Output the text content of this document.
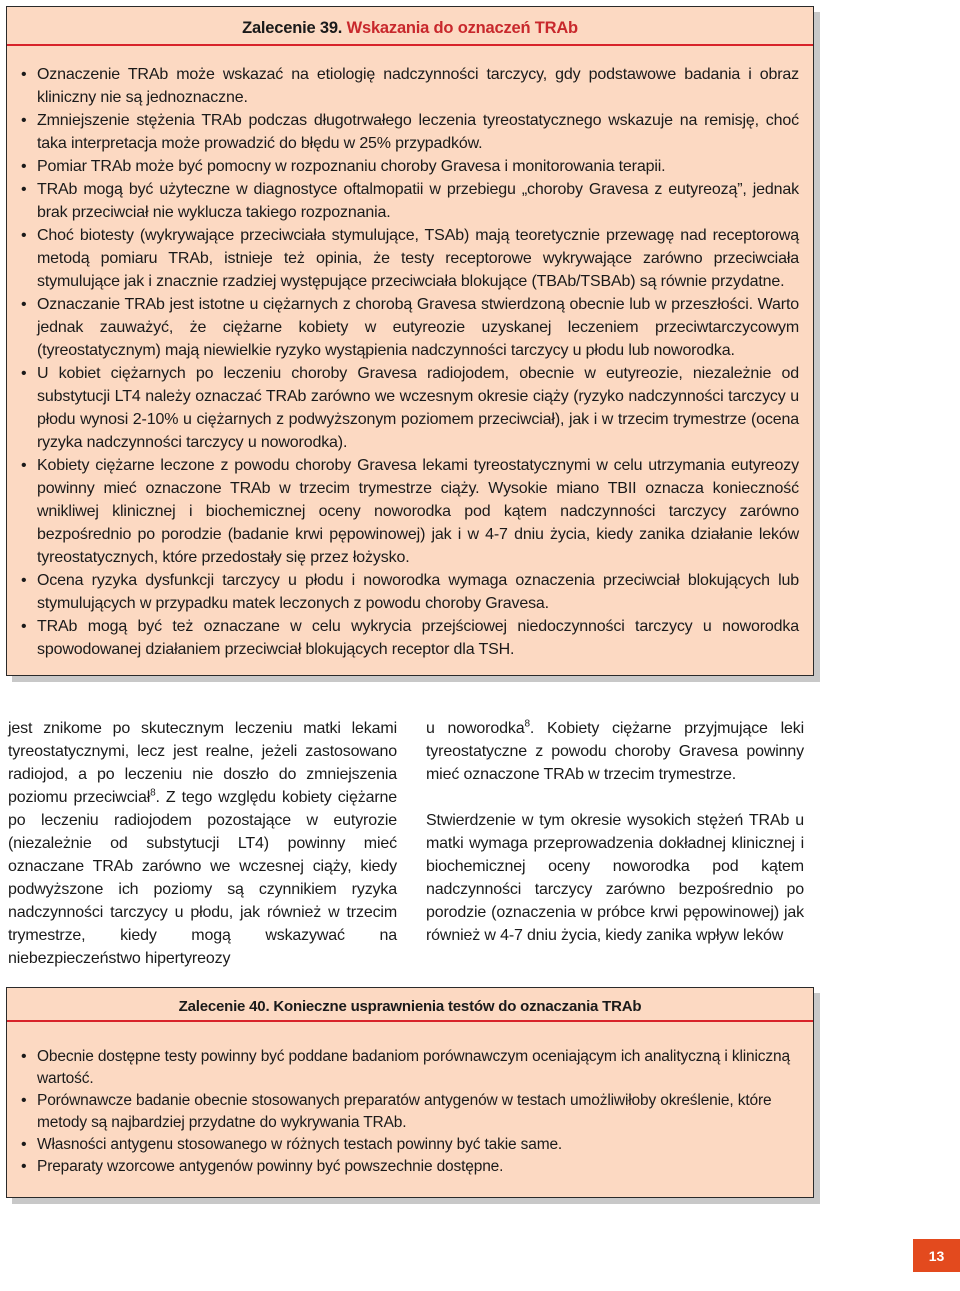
Zalecenie 39. Wskazania do oznaczeń TRAb
• Oznaczenie TRAb może wskazać na etiologię nadczynności tarczycy, gdy podstawowe badania i obraz kliniczny nie są jednoznaczne.
• Zmniejszenie stężenia TRAb podczas długotrwałego leczenia tyreostatycznego wskazuje na remisję, choć taka interpretacja może prowadzić do błędu w 25% przypadków.
• Pomiar TRAb może być pomocny w rozpoznaniu choroby Gravesa i monitorowania terapii.
• TRAb mogą być użyteczne w diagnostyce oftalmopatii w przebiegu „choroby Gravesa z eutyreozą”, jednak brak przeciwciał nie wyklucza takiego rozpoznania.
• Choć biotesty (wykrywające przeciwciała stymulujące, TSAb) mają teoretycznie przewagę nad receptorową metodą pomiaru TRAb, istnieje też opinia, że testy receptorowe wykrywające zarówno przeciwciała stymulujące jak i znacznie rzadziej występujące przeciwciała blokujące (TBAb/TSBAb) są równie przydatne.
• Oznaczanie TRAb jest istotne u ciężarnych z chorobą Gravesa stwierdzoną obecnie lub w przeszłości. Warto jednak zauważyć, że ciężarne kobiety w eutyreozie uzyskanej leczeniem przeciwtarczycowym (tyreostatycznym) mają niewielkie ryzyko wystąpienia nadczynności tarczycy u płodu lub noworodka.
• U kobiet ciężarnych po leczeniu choroby Gravesa radiojodem, obecnie w eutyreozie, niezależnie od substytucji LT4 należy oznaczać TRAb zarówno we wczesnym okresie ciąży (ryzyko nadczynności tarczycy u płodu wynosi 2-10% u ciężarnych z podwyższonym poziomem przeciwciał), jak i w trzecim trymestrze (ocena ryzyka nadczynności tarczycy u noworodka).
• Kobiety ciężarne leczone z powodu choroby Gravesa lekami tyreostatycznymi w celu utrzymania eutyreozy powinny mieć oznaczone TRAb w trzecim trymestrze ciąży. Wysokie miano TBII oznacza konieczność wnikliwej klinicznej i biochemicznej oceny noworodka pod kątem nadczynności tarczycy zarówno bezpośrednio po porodzie (badanie krwi pępowinowej) jak i w 4-7 dniu życia, kiedy zanika działanie leków tyreostatycznych, które przedostały się przez łożysko.
• Ocena ryzyka dysfunkcji tarczycy u płodu i noworodka wymaga oznaczenia przeciwciał blokujących lub stymulujących w przypadku matek leczonych z powodu choroby Gravesa.
• TRAb mogą być też oznaczane w celu wykrycia przejściowej niedoczynności tarczycy u noworodka spowodowanej działaniem przeciwciał blokujących receptor dla TSH.

jest znikome po skutecznym leczeniu matki lekami tyreostatycznymi, lecz jest realne, jeżeli zastosowano radiojod, a po leczeniu nie doszło do zmniejszenia poziomu przeciwciał$^8$. Z tego względu kobiety ciężarne po leczeniu radiojodem pozostające w eutyrozie (niezależnie od substytucji LT4) powinny mieć oznaczane TRAb zarówno we wczesnej ciąży, kiedy podwyższone ich poziomy są czynnikiem ryzyka nadczynności tarczycy u płodu, jak również w trzecim trymestrze, kiedy mogą wskazywać na niebezpieczeństwo hipertyreozy

u noworodka$^8$. Kobiety ciężarne przyjmujące leki tyreostatyczne z powodu choroby Gravesa powinny mieć oznaczone TRAb w trzecim trymestrze.

Stwierdzenie w tym okresie wysokich stężeń TRAb u matki wymaga przeprowadzenia dokładnej klinicznej i biochemicznej oceny noworodka pod kątem nadczynności tarczycy zarówno bezpośrednio po porodzie (oznaczenia w próbce krwi pępowinowej) jak również w 4-7 dniu życia, kiedy zanika wpływ leków

Zalecenie 40. Konieczne usprawnienia testów do oznaczania TRAb
• Obecnie dostępne testy powinny być poddane badaniom porównawczym oceniającym ich analityczną i kliniczną wartość.
• Porównawcze badanie obecnie stosowanych preparatów antygenów w testach umożliwiłoby określenie, które metody są najbardziej przydatne do wykrywania TRAb.
• Własności antygenu stosowanego w różnych testach powinny być takie same.
• Preparaty wzorcowe antygenów powinny być powszechnie dostępne.
13
